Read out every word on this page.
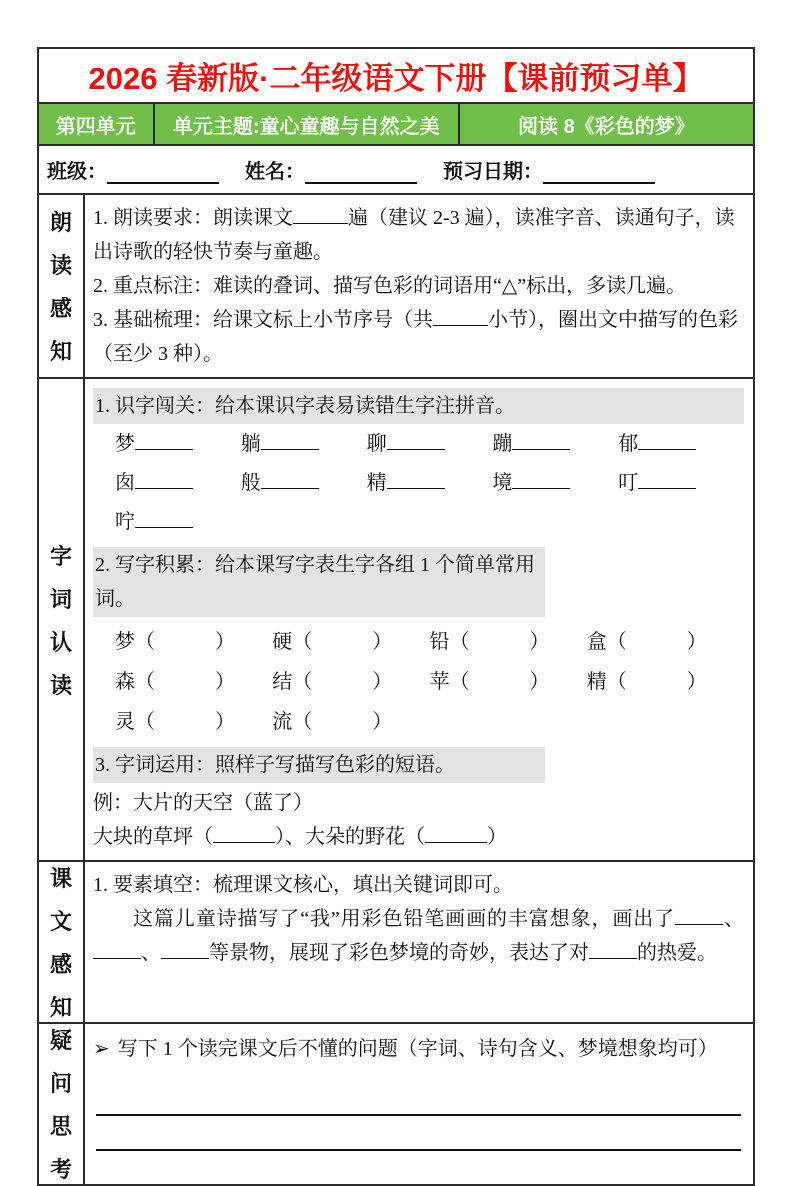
2026 春新版·二年级语文下册【课前预习单】
第四单元	单元主题:童心童趣与自然之美	阅读 8《彩色的梦》
班级：	姓名：	预习日期：
朗
读
感
知

1. 朗读要求：朗读课文	遍（建议 2-3 遍），读准字音、读通句子，读出诗歌的轻快节奏与童趣。

2. 重点标注：难读的叠词、描写色彩的词语用“△”标出，多读几遍。

3. 基础梳理：给课文标上小节序号（共	小节），圈出文中描写的色彩（至少 3 种）。

字
词
认
读
1. 识字闯关：给本课识字表易读错生字注拼音。
梦	躺	聊	蹦	郁
囱	般	精	境	叮
咛
2. 写字积累：给本课写字表生字各组 1 个简单常用词。
梦（　　　）	硬（　　　）	铅（　　　）	盒（　　　）
森（　　　）	结（　　　）	苹（　　　）	精（　　　）
灵（　　　）	流（　　　）
3. 字词运用：照样子写描写色彩的短语。

例：大片的天空（蓝了）

大块的草坪（	）、大朵的野花（	）

课
文
感
知

1. 要素填空：梳理课文核心，填出关键词即可。

这篇儿童诗描写了“我”用彩色铅笔画画的丰富想象，画出了 、、 等景物，展现了彩色梦境的奇妙，表达了对 的热爱。

疑
问
思
考
➢ 写下 1 个读完课文后不懂的问题（字词、诗句含义、梦境想象均可）
